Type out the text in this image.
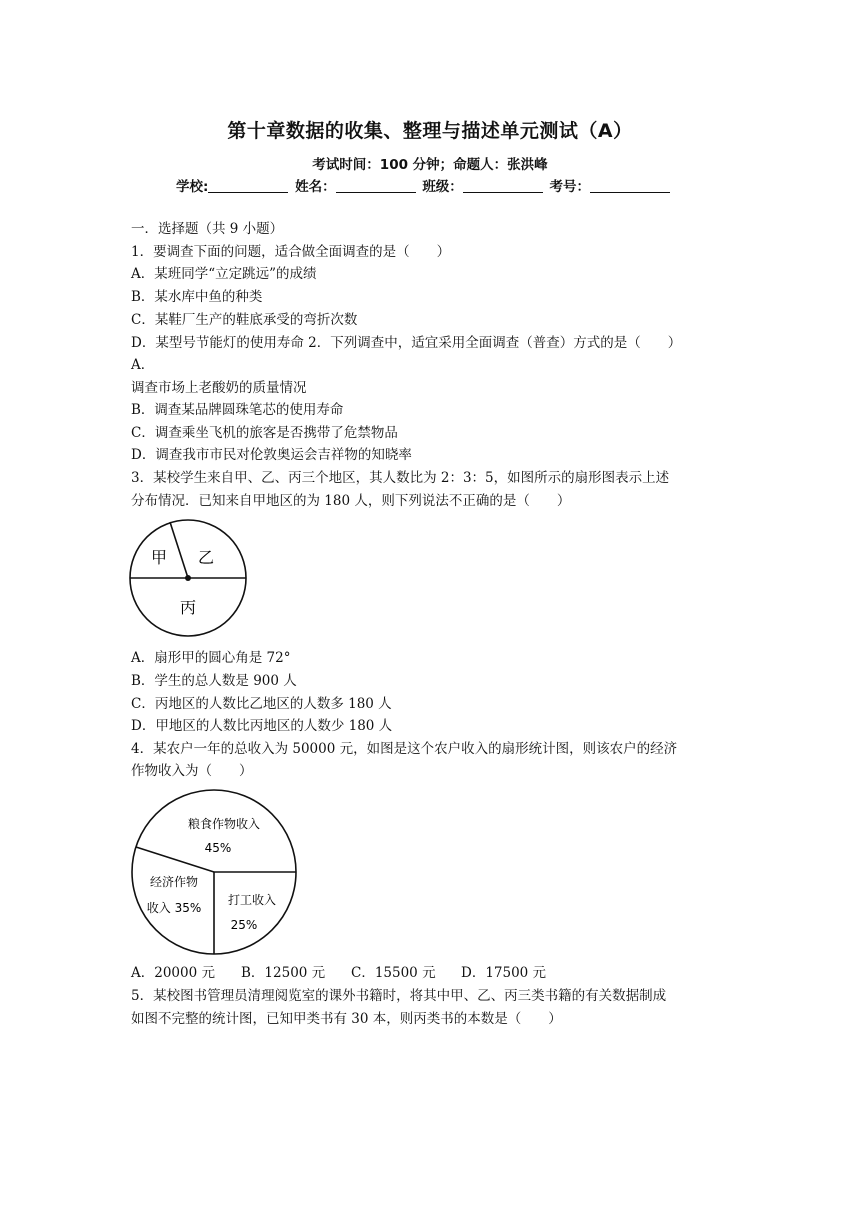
第十章数据的收集、整理与描述单元测试（A）
考试时间：100 分钟；命题人：张洪峰
学校:	姓名：	班级：	考号：
一．选择题（共 9 小题）
1．要调查下面的问题，适合做全面调查的是（　　）
A．某班同学“立定跳远”的成绩
B．某水库中鱼的种类
C．某鞋厂生产的鞋底承受的弯折次数
D．某型号节能灯的使用寿命 2．下列调查中，适宜采用全面调查（普查）方式的是（　　）
A．
调查市场上老酸奶的质量情况
B．调查某品牌圆珠笔芯的使用寿命
C．调查乘坐飞机的旅客是否携带了危禁物品
D．调查我市市民对伦敦奥运会吉祥物的知晓率
3．某校学生来自甲、乙、丙三个地区，其人数比为 2：3：5，如图所示的扇形图表示上述
分布情况．已知来自甲地区的为 180 人，则下列说法不正确的是（　　）
甲 乙
丙
A．扇形甲的圆心角是 72°
B．学生的总人数是 900 人
C．丙地区的人数比乙地区的人数多 180 人
D．甲地区的人数比丙地区的人数少 180 人
4．某农户一年的总收入为 50000 元，如图是这个农户收入的扇形统计图，则该农户的经济
作物收入为（　　）
粮食作物收入
45%
经济作物
收入 35%
打工收入
25%
A．20000 元 B．12500 元 C．15500 元 D．17500 元
5．某校图书管理员清理阅览室的课外书籍时，将其中甲、乙、丙三类书籍的有关数据制成
如图不完整的统计图，已知甲类书有 30 本，则丙类书的本数是（　　）
